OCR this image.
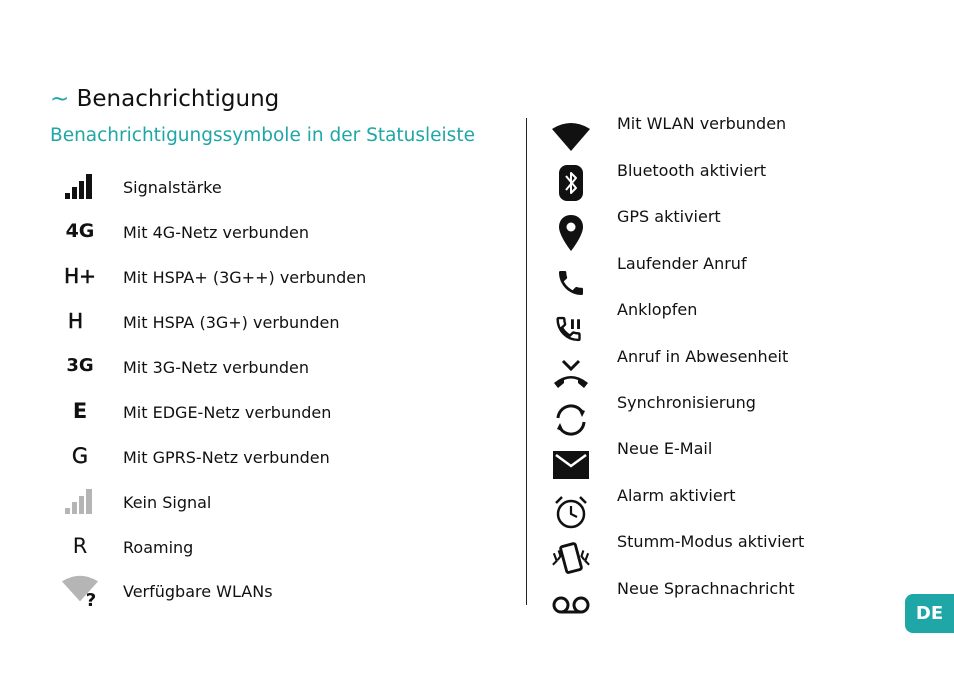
~ Benachrichtigung
Benachrichtigungssymbole in der Statusleiste
Signalstärke
4G Mit 4G-Netz verbunden
H+ Mit HSPA+ (3G++) verbunden
H Mit HSPA (3G+) verbunden
3G Mit 3G-Netz verbunden
E Mit EDGE-Netz verbunden
G Mit GPRS-Netz verbunden
Kein Signal
R Roaming
? Verfügbare WLANs
Mit WLAN verbunden
Bluetooth aktiviert
GPS aktiviert
Laufender Anruf
Anklopfen
Anruf in Abwesenheit
Synchronisierung
Neue E-Mail
Alarm aktiviert
Stumm-Modus aktiviert
Neue Sprachnachricht
DE
